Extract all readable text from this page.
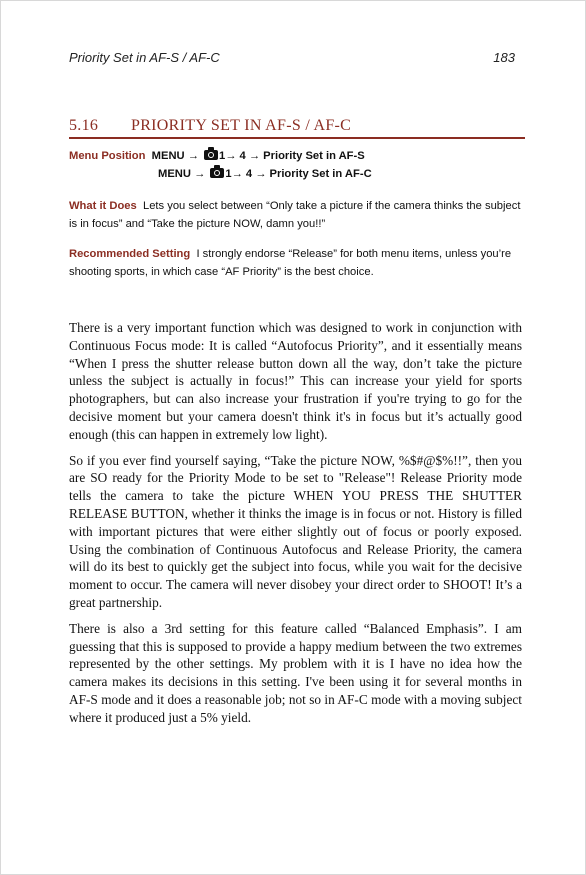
Priority Set in AF-S / AF-C	183
5.16 PRIORITY SET IN AF-S / AF-C
Menu Position MENU → 1→ 4 → Priority Set in AF-S
MENU → 1→ 4 → Priority Set in AF-C
What it Does Lets you select between “Only take a picture if the camera thinks the subject is in focus” and “Take the picture NOW, damn you!!”
Recommended Setting I strongly endorse “Release” for both menu items, unless you’re shooting sports, in which case “AF Priority” is the best choice.

There is a very important function which was designed to work in conjunction with Continuous Focus mode: It is called “Autofocus Priority”, and it essentially means “When I press the shutter release button down all the way, don’t take the picture unless the subject is actually in focus!” This can increase your yield for sports photographers, but can also increase your frustration if you're trying to go for the decisive moment but your camera doesn't think it's in focus but it’s actually good enough (this can happen in extremely low light).

So if you ever find yourself saying, “Take the picture NOW, %$#@$%!!”, then you are SO ready for the Priority Mode to be set to "Release"! Release Priority mode tells the camera to take the picture WHEN YOU PRESS THE SHUTTER RELEASE BUTTON, whether it thinks the image is in focus or not. History is filled with important pictures that were either slightly out of focus or poorly exposed. Using the combination of Continuous Autofocus and Release Priority, the camera will do its best to quickly get the subject into focus, while you wait for the decisive moment to occur. The camera will never disobey your direct order to SHOOT! It’s a great partnership.

There is also a 3rd setting for this feature called “Balanced Emphasis”. I am guessing that this is supposed to provide a happy medium between the two extremes represented by the other settings. My problem with it is I have no idea how the camera makes its decisions in this setting. I've been using it for several months in AF-S mode and it does a reasonable job; not so in AF-C mode with a moving subject where it produced just a 5% yield.
